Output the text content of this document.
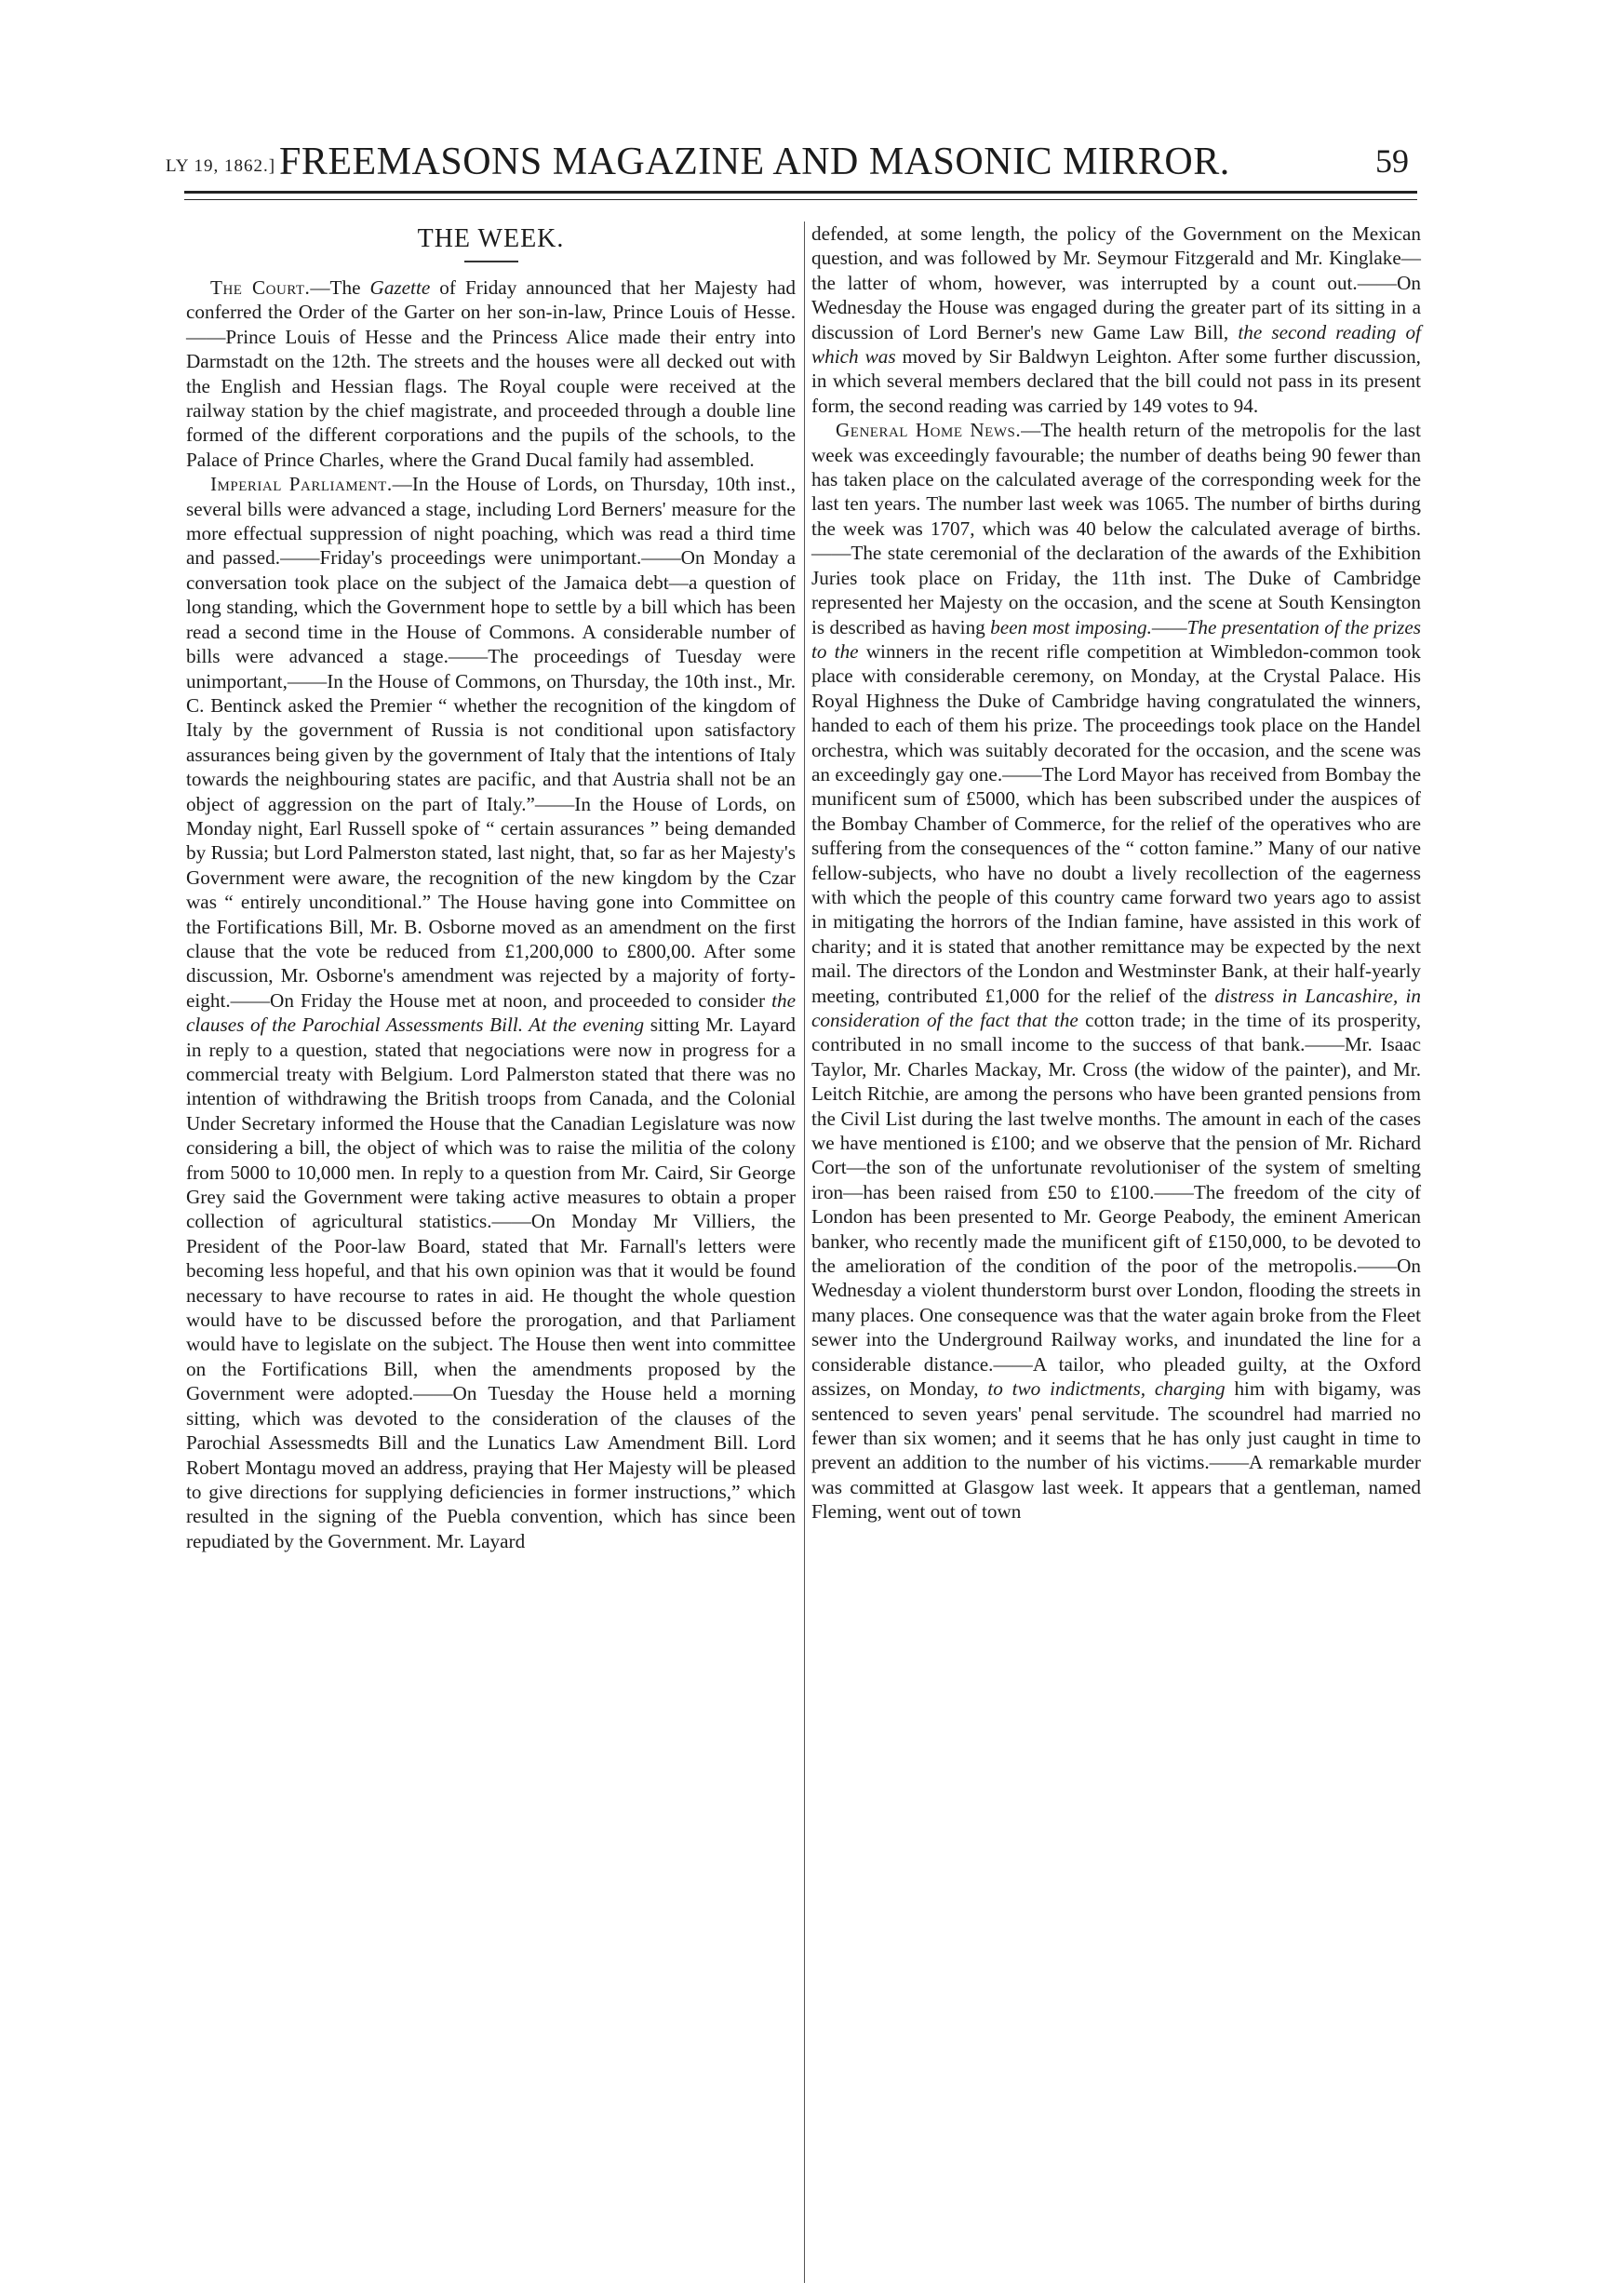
LY 19, 1862.] FREEMASONS MAGAZINE AND MASONIC MIRROR.	59
THE WEEK.

The Court.—The Gazette of Friday announced that her Majesty had conferred the Order of the Garter on her son-in-law, Prince Louis of Hesse.——Prince Louis of Hesse and the Princess Alice made their entry into Darmstadt on the 12th. The streets and the houses were all decked out with the English and Hessian flags. The Royal couple were received at the railway station by the chief magistrate, and proceeded through a double line formed of the different corporations and the pupils of the schools, to the Palace of Prince Charles, where the Grand Ducal family had assembled.

Imperial Parliament.—In the House of Lords, on Thursday, 10th inst., several bills were advanced a stage, including Lord Berners' measure for the more effectual suppression of night poaching, which was read a third time and passed.——Friday's proceedings were unimportant.——On Monday a conversation took place on the subject of the Jamaica debt—a question of long standing, which the Government hope to settle by a bill which has been read a second time in the House of Commons. A considerable number of bills were advanced a stage.——The proceedings of Tuesday were unimportant,——In the House of Commons, on Thursday, the 10th inst., Mr. C. Bentinck asked the Premier “ whether the recognition of the kingdom of Italy by the government of Russia is not conditional upon satisfactory assurances being given by the government of Italy that the intentions of Italy towards the neighbouring states are pacific, and that Austria shall not be an object of aggression on the part of Italy.”——In the House of Lords, on Monday night, Earl Russell spoke of “ certain assurances ” being demanded by Russia; but Lord Palmerston stated, last night, that, so far as her Majesty's Government were aware, the recognition of the new kingdom by the Czar was “ entirely unconditional.” The House having gone into Committee on the Fortifications Bill, Mr. B. Osborne moved as an amendment on the first clause that the vote be reduced from £1,200,000 to £800,00. After some discussion, Mr. Osborne's amendment was rejected by a majority of forty-eight.——On Friday the House met at noon, and proceeded to consider the clauses of the Parochial Assessments Bill. At the evening sitting Mr. Layard in reply to a question, stated that negociations were now in progress for a commercial treaty with Belgium. Lord Palmerston stated that there was no intention of withdrawing the British troops from Canada, and the Colonial Under Secretary informed the House that the Canadian Legislature was now considering a bill, the object of which was to raise the militia of the colony from 5000 to 10,000 men. In reply to a question from Mr. Caird, Sir George Grey said the Government were taking active measures to obtain a proper collection of agricultural statistics.——On Monday Mr Villiers, the President of the Poor-law Board, stated that Mr. Farnall's letters were becoming less hopeful, and that his own opinion was that it would be found necessary to have recourse to rates in aid. He thought the whole question would have to be discussed before the prorogation, and that Parliament would have to legislate on the subject. The House then went into committee on the Fortifications Bill, when the amendments proposed by the Government were adopted.——On Tuesday the House held a morning sitting, which was devoted to the consideration of the clauses of the Parochial Assessmedts Bill and the Lunatics Law Amendment Bill. Lord Robert Montagu moved an address, praying that Her Majesty will be pleased to give directions for supplying deficiencies in former instructions,” which resulted in the signing of the Puebla convention, which has since been repudiated by the Government. Mr. Layard

defended, at some length, the policy of the Government on the Mexican question, and was followed by Mr. Seymour Fitzgerald and Mr. Kinglake—the latter of whom, however, was interrupted by a count out.——On Wednesday the House was engaged during the greater part of its sitting in a discussion of Lord Berner's new Game Law Bill, the second reading of which was moved by Sir Baldwyn Leighton. After some further discussion, in which several members declared that the bill could not pass in its present form, the second reading was carried by 149 votes to 94.

General Home News.—The health return of the metropolis for the last week was exceedingly favourable; the number of deaths being 90 fewer than has taken place on the calculated average of the corresponding week for the last ten years. The number last week was 1065. The number of births during the week was 1707, which was 40 below the calculated average of births.——The state ceremonial of the declaration of the awards of the Exhibition Juries took place on Friday, the 11th inst. The Duke of Cambridge represented her Majesty on the occasion, and the scene at South Kensington is described as having been most imposing.——The presentation of the prizes to the winners in the recent rifle competition at Wimbledon-common took place with considerable ceremony, on Monday, at the Crystal Palace. His Royal Highness the Duke of Cambridge having congratulated the winners, handed to each of them his prize. The proceedings took place on the Handel orchestra, which was suitably decorated for the occasion, and the scene was an exceedingly gay one.——The Lord Mayor has received from Bombay the munificent sum of £5000, which has been subscribed under the auspices of the Bombay Chamber of Commerce, for the relief of the operatives who are suffering from the consequences of the “ cotton famine.” Many of our native fellow-subjects, who have no doubt a lively recollection of the eagerness with which the people of this country came forward two years ago to assist in mitigating the horrors of the Indian famine, have assisted in this work of charity; and it is stated that another remittance may be expected by the next mail. The directors of the London and Westminster Bank, at their half-yearly meeting, contributed £1,000 for the relief of the distress in Lancashire, in consideration of the fact that the cotton trade; in the time of its prosperity, contributed in no small income to the success of that bank.——Mr. Isaac Taylor, Mr. Charles Mackay, Mr. Cross (the widow of the painter), and Mr. Leitch Ritchie, are among the persons who have been granted pensions from the Civil List during the last twelve months. The amount in each of the cases we have mentioned is £100; and we observe that the pension of Mr. Richard Cort—the son of the unfortunate revolutioniser of the system of smelting iron—has been raised from £50 to £100.——The freedom of the city of London has been presented to Mr. George Peabody, the eminent American banker, who recently made the munificent gift of £150,000, to be devoted to the amelioration of the condition of the poor of the metropolis.——On Wednesday a violent thunderstorm burst over London, flooding the streets in many places. One consequence was that the water again broke from the Fleet sewer into the Underground Railway works, and inundated the line for a considerable distance.——A tailor, who pleaded guilty, at the Oxford assizes, on Monday, to two indictments, charging him with bigamy, was sentenced to seven years' penal servitude. The scoundrel had married no fewer than six women; and it seems that he has only just caught in time to prevent an addition to the number of his victims.——A remarkable murder was committed at Glasgow last week. It appears that a gentleman, named Fleming, went out of town
